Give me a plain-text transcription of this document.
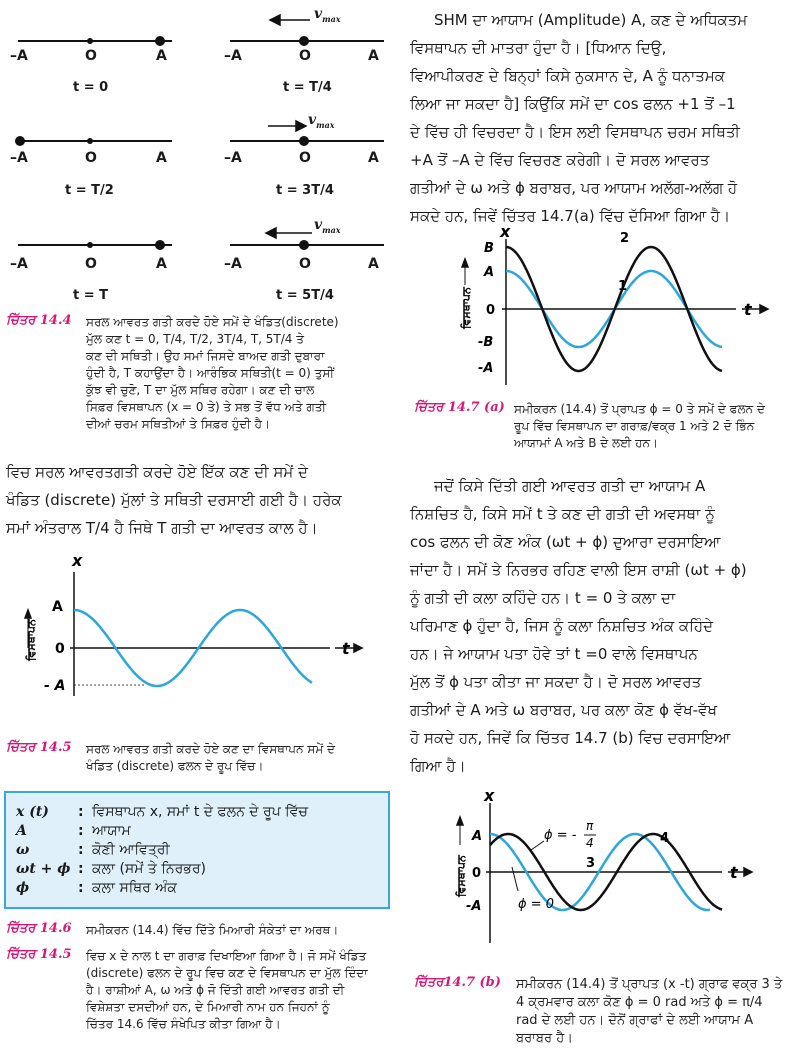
$v_{max}$
$v_{max}$
$v_{max}$
–A	O	A	–A	O	A
t = 0	t = T/4
–A	O	A	–A	O	A
t = T/2	t = 3T/4
–A	O	A	–A	O	A
t = T	t = 5T/4
ਚਿੱਤਰ 14.4 ਸਰਲ ਆਵਰਤ ਗਤੀ ਕਰਦੇ ਹੋਏ ਸਮੇਂ ਦੇ ਖੰਡਿਤ(discrete)
ਮੁੱਲ ਕਣ t = 0, T/4, T/2, 3T/4, T, 5T/4 ਤੇ
ਕਣ ਦੀ ਸਥਿਤੀ। ਉਹ ਸਮਾਂ ਜਿਸਦੇ ਬਾਅਦ ਗਤੀ ਦੁਬਾਰਾ
ਹੁੰਦੀ ਹੈ, T ਕਹਾਉਂਦਾ ਹੈ। ਆਰੰਭਿਕ ਸਥਿਤੀ(t = 0) ਤੁਸੀਂ
ਕੁੱਝ ਵੀ ਚੁਣੋ, T ਦਾ ਮੁੱਲ ਸਥਿਰ ਰਹੇਗਾ। ਕਣ ਦੀ ਚਾਲ
ਸਿਫ਼ਰ ਵਿਸਥਾਪਨ (x = 0 ਤੇ) ਤੇ ਸਭ ਤੋਂ ਵੱਧ ਅਤੇ ਗਤੀ
ਦੀਆਂ ਚਰਮ ਸਥਿਤੀਆਂ ਤੇ ਸਿਫ਼ਰ ਹੁੰਦੀ ਹੈ।
ਵਿਚ ਸਰਲ ਆਵਰਤਗਤੀ ਕਰਦੇ ਹੋਏ ਇੱਕ ਕਣ ਦੀ ਸਮੇਂ ਦੇ
ਖੰਡਿਤ (discrete) ਮੁੱਲਾਂ ਤੇ ਸਥਿਤੀ ਦਰਸਾਈ ਗਈ ਹੈ। ਹਰੇਕ
ਸਮਾਂ ਅੰਤਰਾਲ T/4 ਹੈ ਜਿਥੇ T ਗਤੀ ਦਾ ਆਵਰਤ ਕਾਲ ਹੈ।
x
t
A
0
- A
ਵਿਸਥਾਪਨ
ਚਿੱਤਰ 14.5 ਸਰਲ ਆਵਰਤ ਗਤੀ ਕਰਦੇ ਹੋਏ ਕਣ ਦਾ ਵਿਸਥਾਪਨ ਸਮੇਂ ਦੇ
ਖੰਡਿਤ (discrete) ਫਲਨ ਦੇ ਰੂਪ ਵਿੱਚ।
x (t)	: ਵਿਸਥਾਪਨ x, ਸਮਾਂ t ਦੇ ਫਲਨ ਦੇ ਰੂਪ ਵਿੱਚ
A	: ਆਯਾਮ
ω	: ਕੋਣੀ ਆਵਿਤ੍ਰੀ
ωt + ϕ : ਕਲਾ (ਸਮੇਂ ਤੇ ਨਿਰਭਰ)
ϕ	: ਕਲਾ ਸਥਿਰ ਅੰਕ
ਚਿੱਤਰ 14.6 ਸਮੀਕਰਨ (14.4) ਵਿੱਚ ਦਿੱਤੇ ਮਿਆਰੀ ਸੰਕੇਤਾਂ ਦਾ ਅਰਥ।
ਚਿੱਤਰ 14.5 ਵਿਚ x ਦੇ ਨਾਲ t ਦਾ ਗਰਾਫ਼ ਦਿਖਾਇਆ ਗਿਆ ਹੈ। ਜੋ ਸਮੇਂ ਖੰਡਿਤ
(discrete) ਫਲਨ ਦੇ ਰੂਪ ਵਿਚ ਕਣ ਦੇ ਵਿਸਥਾਪਨ ਦਾ ਮੁੱਲ ਦਿੰਦਾ
ਹੈ। ਰਾਸ਼ੀਆਂ A, ω ਅਤੇ ϕ ਜੋ ਦਿੱਤੀ ਗਈ ਆਵਰਤ ਗਤੀ ਦੀ
ਵਿਸ਼ੇਸ਼ਤਾ ਦਸਦੀਆਂ ਹਨ, ਦੇ ਮਿਆਰੀ ਨਾਮ ਹਨ ਜਿਹਨਾਂ ਨੂੰ
ਚਿੱਤਰ 14.6 ਵਿੱਚ ਸੰਖੇਪਿਤ ਕੀਤਾ ਗਿਆ ਹੈ।
SHM ਦਾ ਆਯਾਮ (Amplitude) A, ਕਣ ਦੇ ਅਧਿਕਤਮ
ਵਿਸਥਾਪਨ ਦੀ ਮਾਤਰਾ ਹੁੰਦਾ ਹੈ। [ਧਿਆਨ ਦਿਉ,
ਵਿਆਪੀਕਰਣ ਦੇ ਬਿਨ੍ਹਾਂ ਕਿਸੇ ਨੁਕਸਾਨ ਦੇ, A ਨੂੰ ਧਨਾਤਮਕ
ਲਿਆ ਜਾ ਸਕਦਾ ਹੈ] ਕਿਉਂਕਿ ਸਮੇਂ ਦਾ cos ਫਲਨ +1 ਤੋਂ –1
ਦੇ ਵਿੱਚ ਹੀ ਵਿਚਰਦਾ ਹੈ। ਇਸ ਲਈ ਵਿਸਥਾਪਨ ਚਰਮ ਸਥਿਤੀ
+A ਤੋਂ –A ਦੇ ਵਿੱਚ ਵਿਚਰਣ ਕਰੇਗੀ। ਦੋ ਸਰਲ ਆਵਰਤ
ਗਤੀਆਂ ਦੇ ω ਅਤੇ ϕ ਬਰਾਬਰ, ਪਰ ਆਯਾਮ ਅਲੱਗ-ਅਲੱਗ ਹੋ
ਸਕਦੇ ਹਨ, ਜਿਵੇਂ ਚਿੱਤਰ 14.7(a) ਵਿੱਚ ਦੱਸਿਆ ਗਿਆ ਹੈ।
x
t
B
A
0
-B
-A
2
1
ਵਿਸਥਾਪਨ
ਚਿੱਤਰ 14.7 (a) ਸਮੀਕਰਨ (14.4) ਤੋਂ ਪ੍ਰਾਪਤ ϕ = 0 ਤੇ ਸਮੇਂ ਦੇ ਫਲਨ ਦੇ
ਰੂਪ ਵਿੱਚ ਵਿਸਥਾਪਨ ਦਾ ਗਰਾਫ਼/ਵਕ੍ਰ 1 ਅਤੇ 2 ਦੋ ਭਿੰਨ
ਆਯਾਮਾਂ A ਅਤੇ B ਦੇ ਲਈ ਹਨ।
ਜਦੋਂ ਕਿਸੇ ਦਿੱਤੀ ਗਈ ਆਵਰਤ ਗਤੀ ਦਾ ਆਯਾਮ A
ਨਿਸ਼ਚਿਤ ਹੈ, ਕਿਸੇ ਸਮੇਂ t ਤੇ ਕਣ ਦੀ ਗਤੀ ਦੀ ਅਵਸਥਾ ਨੂੰ
cos ਫਲਨ ਦੀ ਕੋਣ ਅੰਕ (ωt + ϕ) ਦੁਆਰਾ ਦਰਸਾਇਆ
ਜਾਂਦਾ ਹੈ। ਸਮੇਂ ਤੇ ਨਿਰਭਰ ਰਹਿਣ ਵਾਲੀ ਇਸ ਰਾਸ਼ੀ (ωt + ϕ)
ਨੂੰ ਗਤੀ ਦੀ ਕਲਾ ਕਹਿੰਦੇ ਹਨ। t = 0 ਤੇ ਕਲਾ ਦਾ
ਪਰਿਮਾਣ ϕ ਹੁੰਦਾ ਹੈ, ਜਿਸ ਨੂੰ ਕਲਾ ਨਿਸ਼ਚਿਤ ਅੰਕ ਕਹਿੰਦੇ
ਹਨ। ਜੇ ਆਯਾਮ ਪਤਾ ਹੋਵੇ ਤਾਂ t =0 ਵਾਲੇ ਵਿਸਥਾਪਨ
ਮੁੱਲ ਤੋਂ ϕ ਪਤਾ ਕੀਤਾ ਜਾ ਸਕਦਾ ਹੈ। ਦੋ ਸਰਲ ਆਵਰਤ
ਗਤੀਆਂ ਦੇ A ਅਤੇ ω ਬਰਾਬਰ, ਪਰ ਕਲਾ ਕੋਣ ϕ ਵੱਖ-ਵੱਖ
ਹੋ ਸਕਦੇ ਹਨ, ਜਿਵੇਂ ਕਿ ਚਿੱਤਰ 14.7 (b) ਵਿਚ ਦਰਸਾਇਆ
ਗਿਆ ਹੈ।
x
t
A
0
-A
ϕ = -
π
4
ϕ = 0
4
3
ਵਿਸਥਾਪਨ
ਚਿੱਤਰ14.7 (b) ਸਮੀਕਰਨ (14.4) ਤੋਂ ਪ੍ਰਾਪਤ (x -t) ਗ੍ਰਾਫ ਵਕ੍ਰ 3 ਤੇ
4 ਕ੍ਰਮਵਾਰ ਕਲਾ ਕੋਣ ϕ = 0 rad ਅਤੇ ϕ = π/4
rad ਦੇ ਲਈ ਹਨ। ਦੋਨੋਂ ਗ੍ਰਾਫਾਂ ਦੇ ਲਈ ਆਯਾਮ A
ਬਰਾਬਰ ਹੈ।
